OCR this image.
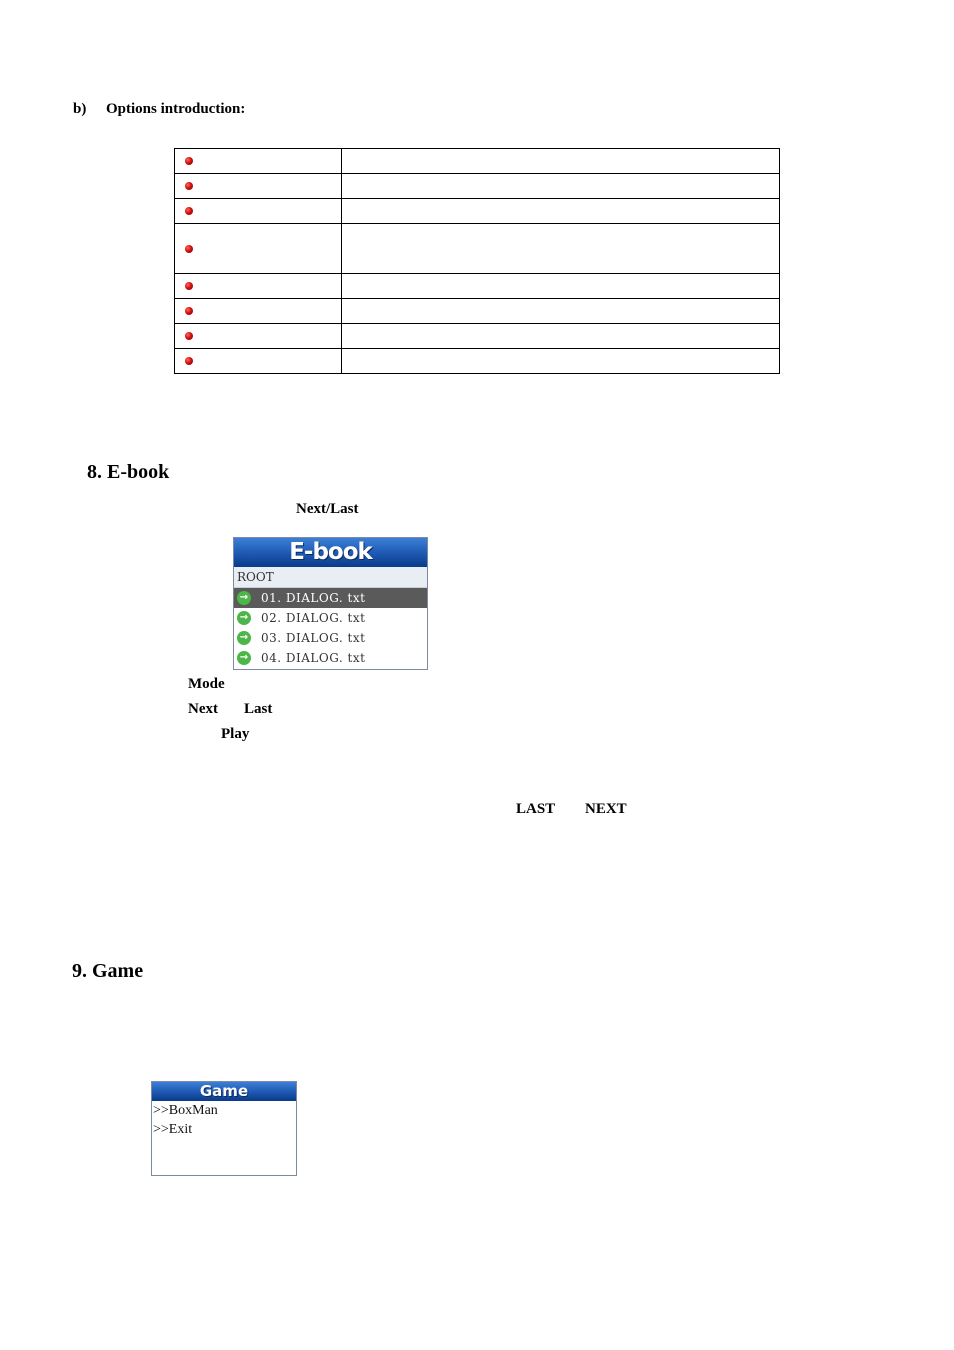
b) Options introduction:

8. E-book
Next/Last
E-book
ROOT
→ 01. DIALOG. txt
→ 02. DIALOG. txt
→ 03. DIALOG. txt
→ 04. DIALOG. txt
Mode
Next Last
Play
LAST NEXT
9. Game
Game
>>BoxMan
>>Exit
